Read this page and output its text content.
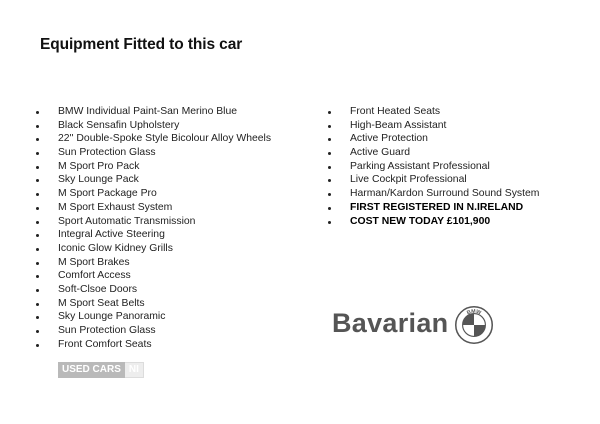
Equipment Fitted to this car
BMW Individual Paint-San Merino Blue
Black Sensafin Upholstery
22'' Double-Spoke Style Bicolour Alloy Wheels
Sun Protection Glass
M Sport Pro Pack
Sky Lounge Pack
M Sport Package Pro
M Sport Exhaust System
Sport Automatic Transmission
Integral Active Steering
Iconic Glow Kidney Grills
M Sport Brakes
Comfort Access
Soft-Clsoe Doors
M Sport Seat Belts
Sky Lounge Panoramic
Sun Protection Glass
Front Comfort Seats
Front Heated Seats
High-Beam Assistant
Active Protection
Active Guard
Parking Assistant Professional
Live Cockpit Professional
Harman/Kardon Surround Sound System
FIRST REGISTERED IN N.IRELAND
COST NEW TODAY £101,900
USED CARS NI
Bavarian BMW
